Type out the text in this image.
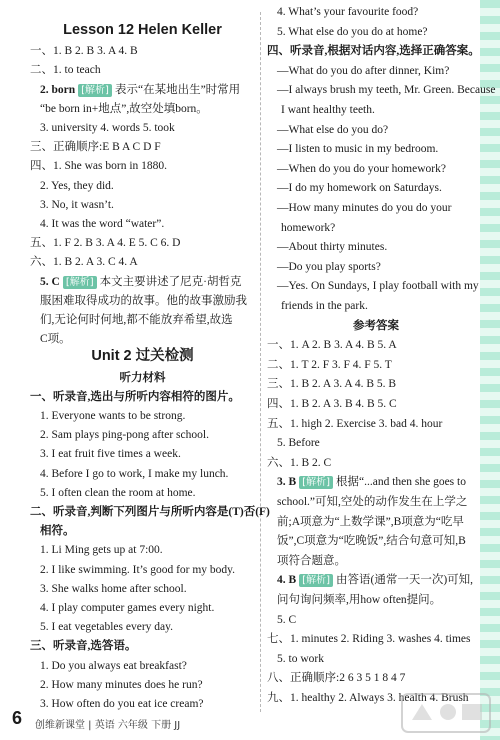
Lesson 12 Helen Keller
一、1. B 2. B 3. A 4. B
二、1. to teach
2. born [解析] 表示“在某地出生”时常用
“be born in+地点”,故空处填born。
3. university 4. words 5. took
三、正确顺序:E B A C D F
四、1. She was born in 1880.
2. Yes, they did.
3. No, it wasn’t.
4. It was the word “water”.
五、1. F 2. B 3. A 4. E 5. C 6. D
六、1. B 2. A 3. C 4. A
5. C [解析] 本文主要讲述了尼克·胡哲克
服困难取得成功的故事。他的故事激励我
们,无论何时何地,都不能放弃希望,故选
C项。
Unit 2 过关检测
听力材料
一、听录音,选出与所听内容相符的图片。
1. Everyone wants to be strong.
2. Sam plays ping-pong after school.
3. I eat fruit five times a week.
4. Before I go to work, I make my lunch.
5. I often clean the room at home.
二、听录音,判断下列图片与所听内容是(T)否(F)
相符。
1. Li Ming gets up at 7:00.
2. I like swimming. It’s good for my body.
3. She walks home after school.
4. I play computer games every night.
5. I eat vegetables every day.
三、听录音,选答语。
1. Do you always eat breakfast?
2. How many minutes does he run?
3. How often do you eat ice cream?
4. What’s your favourite food?
5. What else do you do at home?
四、听录音,根据对话内容,选择正确答案。
—What do you do after dinner, Kim?
—I always brush my teeth, Mr. Green. Because
I want healthy teeth.
—What else do you do?
—I listen to music in my bedroom.
—When do you do your homework?
—I do my homework on Saturdays.
—How many minutes do you do your
homework?
—About thirty minutes.
—Do you play sports?
—Yes. On Sundays, I play football with my
friends in the park.
参考答案
一、1. A 2. B 3. A 4. B 5. A
二、1. T 2. F 3. F 4. F 5. T
三、1. B 2. A 3. A 4. B 5. B
四、1. B 2. A 3. B 4. B 5. C
五、1. high 2. Exercise 3. bad 4. hour
5. Before
六、1. B 2. C
3. B [解析] 根据“...and then she goes to
school.”可知,空处的动作发生在上学之
前;A项意为“上数学课”,B项意为“吃早
饭”,C项意为“吃晚饭”,结合句意可知,B
项符合题意。
4. B [解析] 由答语(通常一天一次)可知,
问句询问频率,用how often提问。
5. C
七、1. minutes 2. Riding 3. washes 4. times
5. to work
八、正确顺序:2 6 3 5 1 8 4 7
九、1. healthy 2. Always 3. health 4. Brush
6 创维新课堂 | 英语 六年级 下册 JJ
